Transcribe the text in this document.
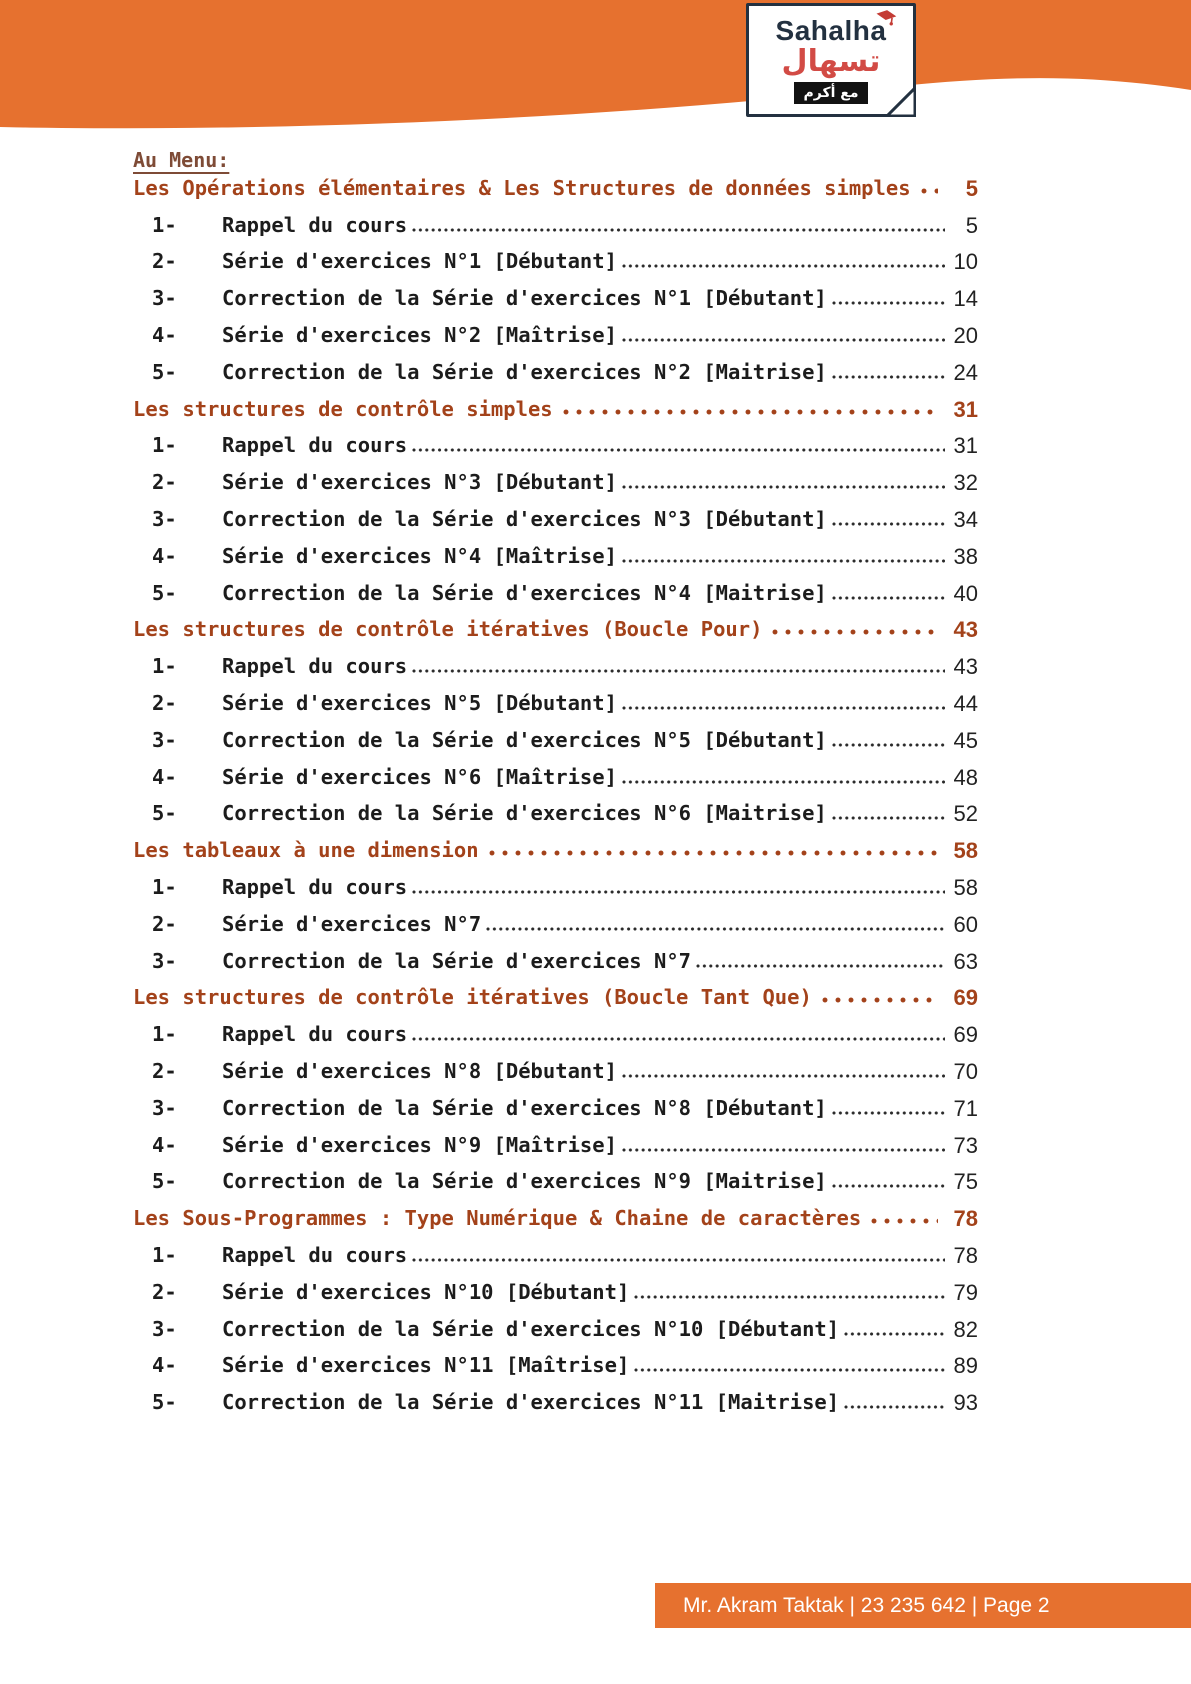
Sahalha
تسهال
مع أكرم
Au Menu:
Les Opérations élémentaires & Les Structures de données simples	5
1-	Rappel du cours	5
2-	Série d'exercices N°1 [Débutant]	10
3-	Correction de la Série d'exercices N°1 [Débutant]	14
4-	Série d'exercices N°2 [Maîtrise]	20
5-	Correction de la Série d'exercices N°2 [Maitrise]	24
Les structures de contrôle simples	31
1-	Rappel du cours	31
2-	Série d'exercices N°3 [Débutant]	32
3-	Correction de la Série d'exercices N°3 [Débutant]	34
4-	Série d'exercices N°4 [Maîtrise]	38
5-	Correction de la Série d'exercices N°4 [Maitrise]	40
Les structures de contrôle itératives (Boucle Pour)	43
1-	Rappel du cours	43
2-	Série d'exercices N°5 [Débutant]	44
3-	Correction de la Série d'exercices N°5 [Débutant]	45
4-	Série d'exercices N°6 [Maîtrise]	48
5-	Correction de la Série d'exercices N°6 [Maitrise]	52
Les tableaux à une dimension	58
1-	Rappel du cours	58
2-	Série d'exercices N°7	60
3-	Correction de la Série d'exercices N°7	63
Les structures de contrôle itératives (Boucle Tant Que)	69
1-	Rappel du cours	69
2-	Série d'exercices N°8 [Débutant]	70
3-	Correction de la Série d'exercices N°8 [Débutant]	71
4-	Série d'exercices N°9 [Maîtrise]	73
5-	Correction de la Série d'exercices N°9 [Maitrise]	75
Les Sous-Programmes : Type Numérique & Chaine de caractères	78
1-	Rappel du cours	78
2-	Série d'exercices N°10 [Débutant]	79
3-	Correction de la Série d'exercices N°10 [Débutant]	82
4-	Série d'exercices N°11 [Maîtrise]	89
5-	Correction de la Série d'exercices N°11 [Maitrise]	93
Mr. Akram Taktak | 23 235 642 | Page 2
